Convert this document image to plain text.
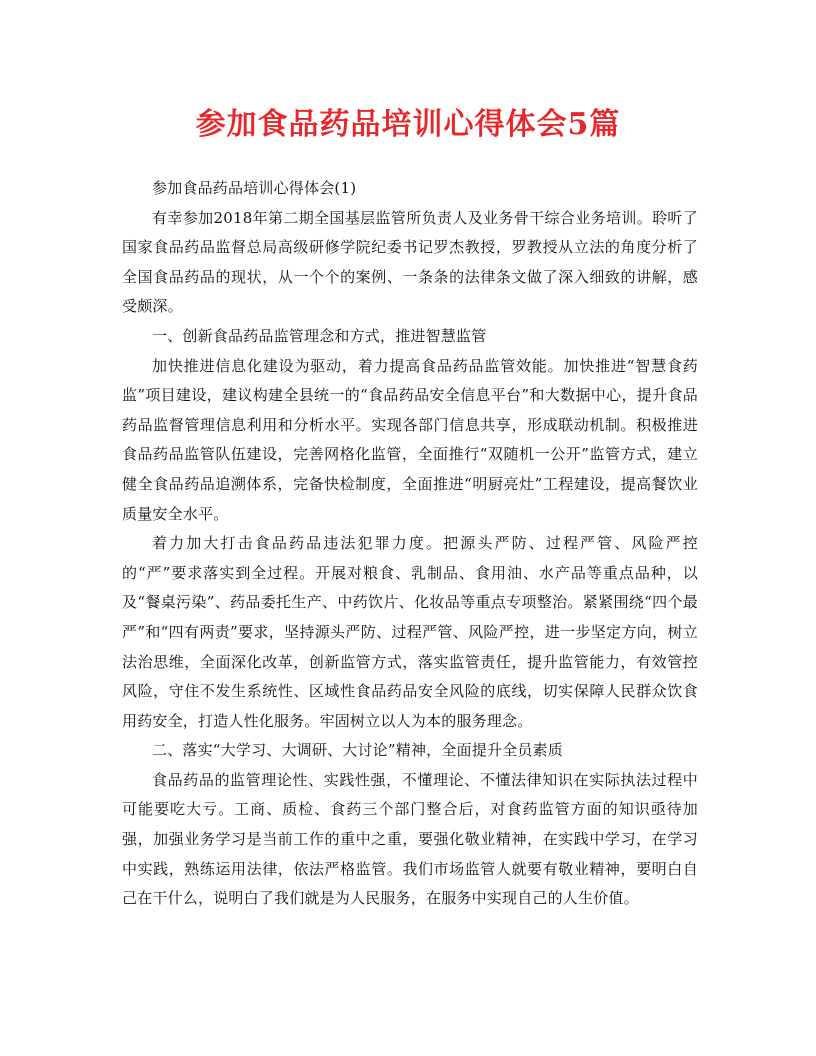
参加食品药品培训心得体会5篇

参加食品药品培训心得体会(1)

有幸参加2018年第二期全国基层监管所负责人及业务骨干综合业务培训。聆听了国家食品药品监督总局高级研修学院纪委书记罗杰教授，罗教授从立法的角度分析了全国食品药品的现状，从一个个的案例、一条条的法律条文做了深入细致的讲解，感受颇深。

一、创新食品药品监管理念和方式，推进智慧监管

加快推进信息化建设为驱动，着力提高食品药品监管效能。加快推进“智慧食药监”项目建设，建议构建全县统一的“食品药品安全信息平台”和大数据中心，提升食品药品监督管理信息利用和分析水平。实现各部门信息共享，形成联动机制。积极推进食品药品监管队伍建设，完善网格化监管，全面推行“双随机一公开”监管方式，建立健全食品药品追溯体系，完备快检制度，全面推进“明厨亮灶”工程建设，提高餐饮业质量安全水平。

着力加大打击食品药品违法犯罪力度。把源头严防、过程严管、风险严控的“严”要求落实到全过程。开展对粮食、乳制品、食用油、水产品等重点品种，以及“餐桌污染”、药品委托生产、中药饮片、化妆品等重点专项整治。紧紧围绕“四个最严”和“四有两责”要求，坚持源头严防、过程严管、风险严控，进一步坚定方向，树立法治思维，全面深化改革，创新监管方式，落实监管责任，提升监管能力，有效管控风险，守住不发生系统性、区域性食品药品安全风险的底线，切实保障人民群众饮食用药安全，打造人性化服务。牢固树立以人为本的服务理念。

二、落实“大学习、大调研、大讨论”精神，全面提升全员素质

食品药品的监管理论性、实践性强，不懂理论、不懂法律知识在实际执法过程中可能要吃大亏。工商、质检、食药三个部门整合后，对食药监管方面的知识亟待加强，加强业务学习是当前工作的重中之重，要强化敬业精神，在实践中学习，在学习中实践，熟练运用法律，依法严格监管。我们市场监管人就要有敬业精神，要明白自己在干什么，说明白了我们就是为人民服务，在服务中实现自己的人生价值。
